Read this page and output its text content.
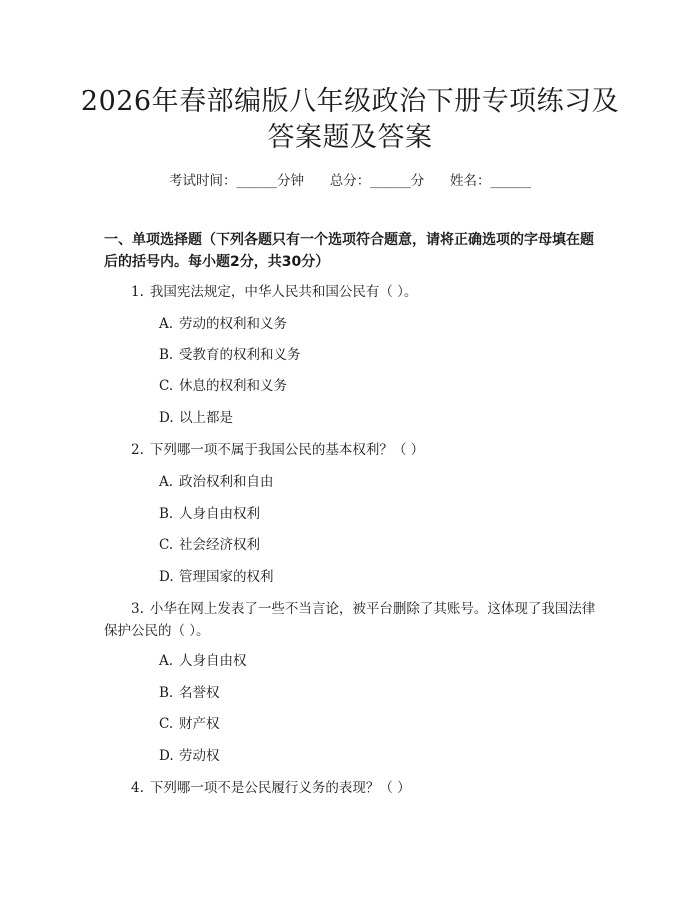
2026年春部编版八年级政治下册专项练习及
答案题及答案
考试时间：______分钟      总分：______分      姓名：______
一、单项选择题（下列各题只有一个选项符合题意，请将正确选项的字母填在题后的括号内。每小题2分，共30分）
1. 我国宪法规定，中华人民共和国公民有（ ）。
A. 劳动的权利和义务
B. 受教育的权利和义务
C. 休息的权利和义务
D. 以上都是
2. 下列哪一项不属于我国公民的基本权利？（ ）
A. 政治权利和自由
B. 人身自由权利
C. 社会经济权利
D. 管理国家的权利
3. 小华在网上发表了一些不当言论，被平台删除了其账号。这体现了我国法律保护公民的（ ）。
A. 人身自由权
B. 名誉权
C. 财产权
D. 劳动权
4. 下列哪一项不是公民履行义务的表现？（ ）
